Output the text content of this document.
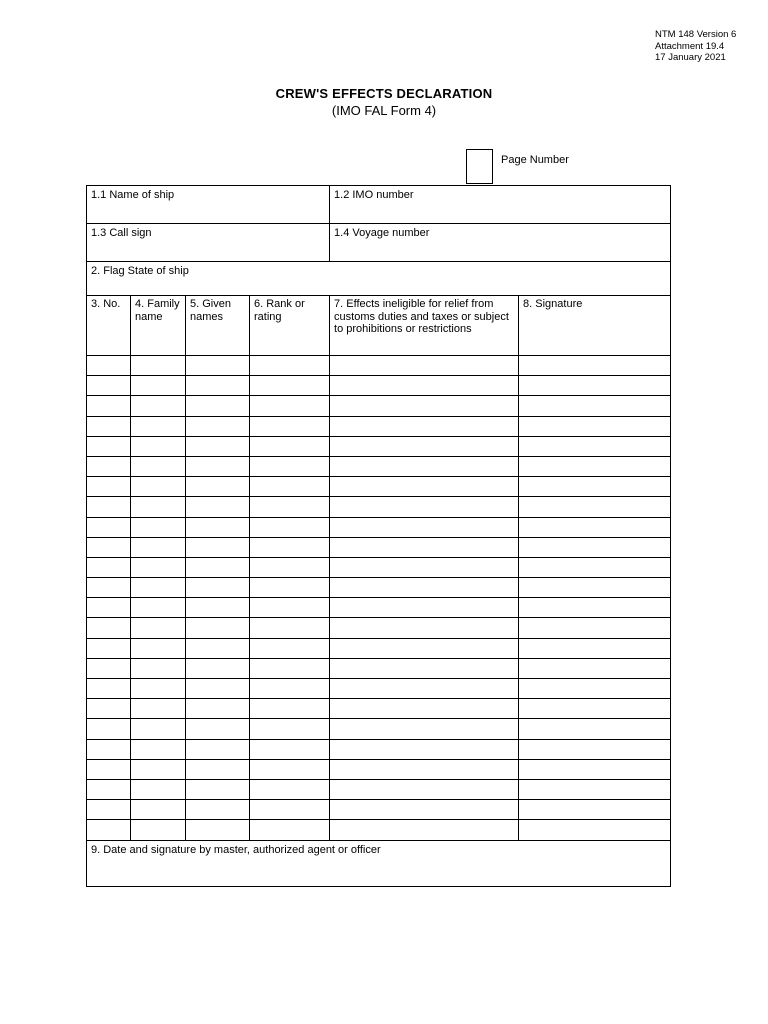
NTM 148 Version 6
Attachment 19.4
17 January 2021
CREW'S EFFECTS DECLARATION
(IMO FAL Form 4)
Page Number
1.1 Name of ship				1.2 IMO number	
1.3 Call sign				1.4 Voyage number	
2. Flag State of ship					
3. No.	4. Family name	5. Given names	6. Rank or rating	7. Effects ineligible for relief from customs duties and taxes or subject to prohibitions or restrictions	8. Signature

9. Date and signature by master, authorized agent or officer					
